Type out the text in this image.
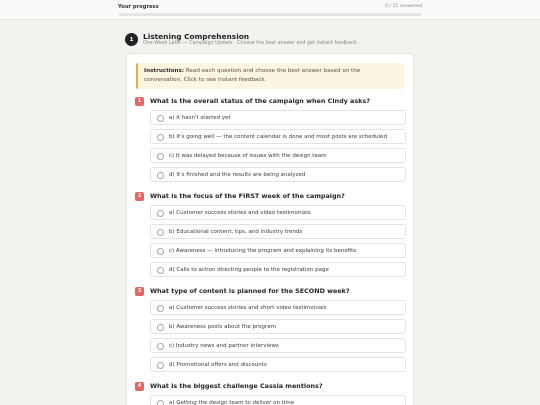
Your progress	0 / 11 answered
1	Listening Comprehension
One Week Later — Campaign Update · Choose the best answer and get instant feedback.
Instructions: Read each question and choose the best answer based on the conversation. Click to see instant feedback.
1	What is the overall status of the campaign when Cindy asks?
a) It hasn't started yet
b) It's going well — the content calendar is done and most posts are scheduled
c) It was delayed because of issues with the design team
d) It's finished and the results are being analyzed
2	What is the focus of the FIRST week of the campaign?
a) Customer success stories and video testimonials
b) Educational content, tips, and industry trends
c) Awareness — introducing the program and explaining its benefits
d) Calls to action directing people to the registration page
3	What type of content is planned for the SECOND week?
a) Customer success stories and short video testimonials
b) Awareness posts about the program
c) Industry news and partner interviews
d) Promotional offers and discounts
4	What is the biggest challenge Cassia mentions?
a) Getting the design team to deliver on time
